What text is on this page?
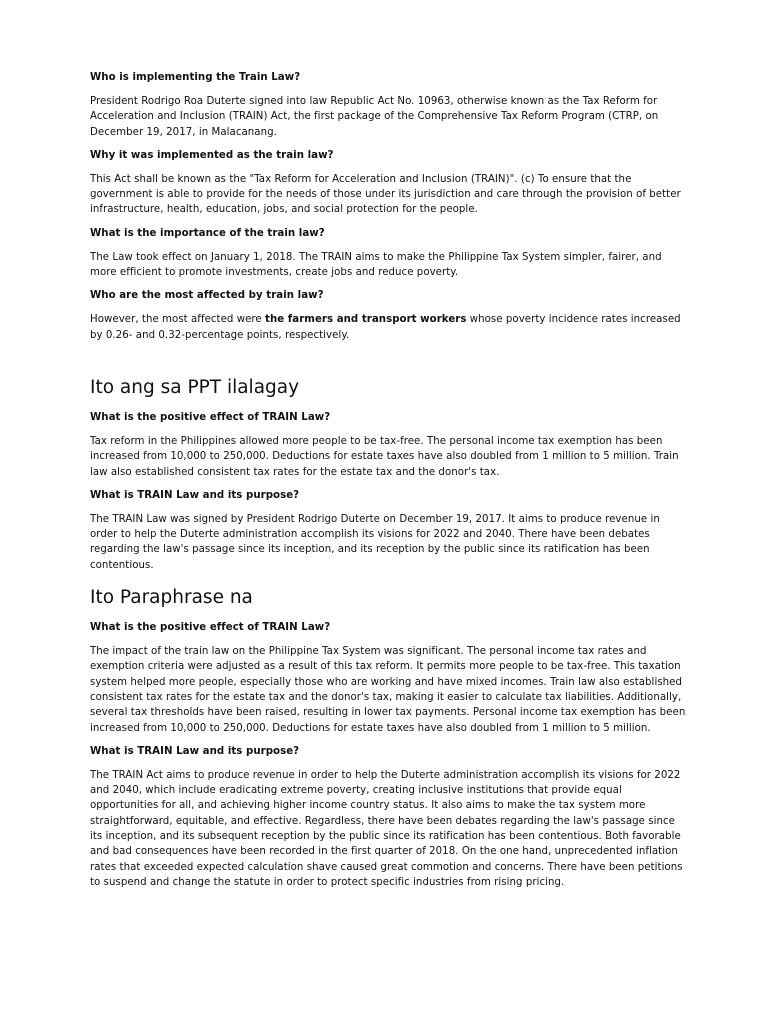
Who is implementing the Train Law?
President Rodrigo Roa Duterte signed into law Republic Act No. 10963, otherwise known as the Tax Reform for Acceleration and Inclusion (TRAIN) Act, the first package of the Comprehensive Tax Reform Program (CTRP, on December 19, 2017, in Malacanang.
Why it was implemented as the train law?
This Act shall be known as the "Tax Reform for Acceleration and Inclusion (TRAIN)". (c) To ensure that the government is able to provide for the needs of those under its jurisdiction and care through the provision of better infrastructure, health, education, jobs, and social protection for the people.
What is the importance of the train law?
The Law took effect on January 1, 2018. The TRAIN aims to make the Philippine Tax System simpler, fairer, and more efficient to promote investments, create jobs and reduce poverty.
Who are the most affected by train law?
However, the most affected were the farmers and transport workers whose poverty incidence rates increased by 0.26- and 0.32-percentage points, respectively.
Ito ang sa PPT ilalagay
What is the positive effect of TRAIN Law?
Tax reform in the Philippines allowed more people to be tax-free. The personal income tax exemption has been increased from 10,000 to 250,000. Deductions for estate taxes have also doubled from 1 million to 5 million. Train law also established consistent tax rates for the estate tax and the donor's tax.
What is TRAIN Law and its purpose?
The TRAIN Law was signed by President Rodrigo Duterte on December 19, 2017. It aims to produce revenue in order to help the Duterte administration accomplish its visions for 2022 and 2040. There have been debates regarding the law's passage since its inception, and its reception by the public since its ratification has been contentious.
Ito Paraphrase na
What is the positive effect of TRAIN Law?
The impact of the train law on the Philippine Tax System was significant. The personal income tax rates and exemption criteria were adjusted as a result of this tax reform. It permits more people to be tax-free. This taxation system helped more people, especially those who are working and have mixed incomes. Train law also established consistent tax rates for the estate tax and the donor's tax, making it easier to calculate tax liabilities. Additionally, several tax thresholds have been raised, resulting in lower tax payments. Personal income tax exemption has been increased from 10,000 to 250,000. Deductions for estate taxes have also doubled from 1 million to 5 million.
What is TRAIN Law and its purpose?
The TRAIN Act aims to produce revenue in order to help the Duterte administration accomplish its visions for 2022 and 2040, which include eradicating extreme poverty, creating inclusive institutions that provide equal opportunities for all, and achieving higher income country status. It also aims to make the tax system more straightforward, equitable, and effective. Regardless, there have been debates regarding the law's passage since its inception, and its subsequent reception by the public since its ratification has been contentious. Both favorable and bad consequences have been recorded in the first quarter of 2018. On the one hand, unprecedented inflation rates that exceeded expected calculation shave caused great commotion and concerns. There have been petitions to suspend and change the statute in order to protect specific industries from rising pricing.
